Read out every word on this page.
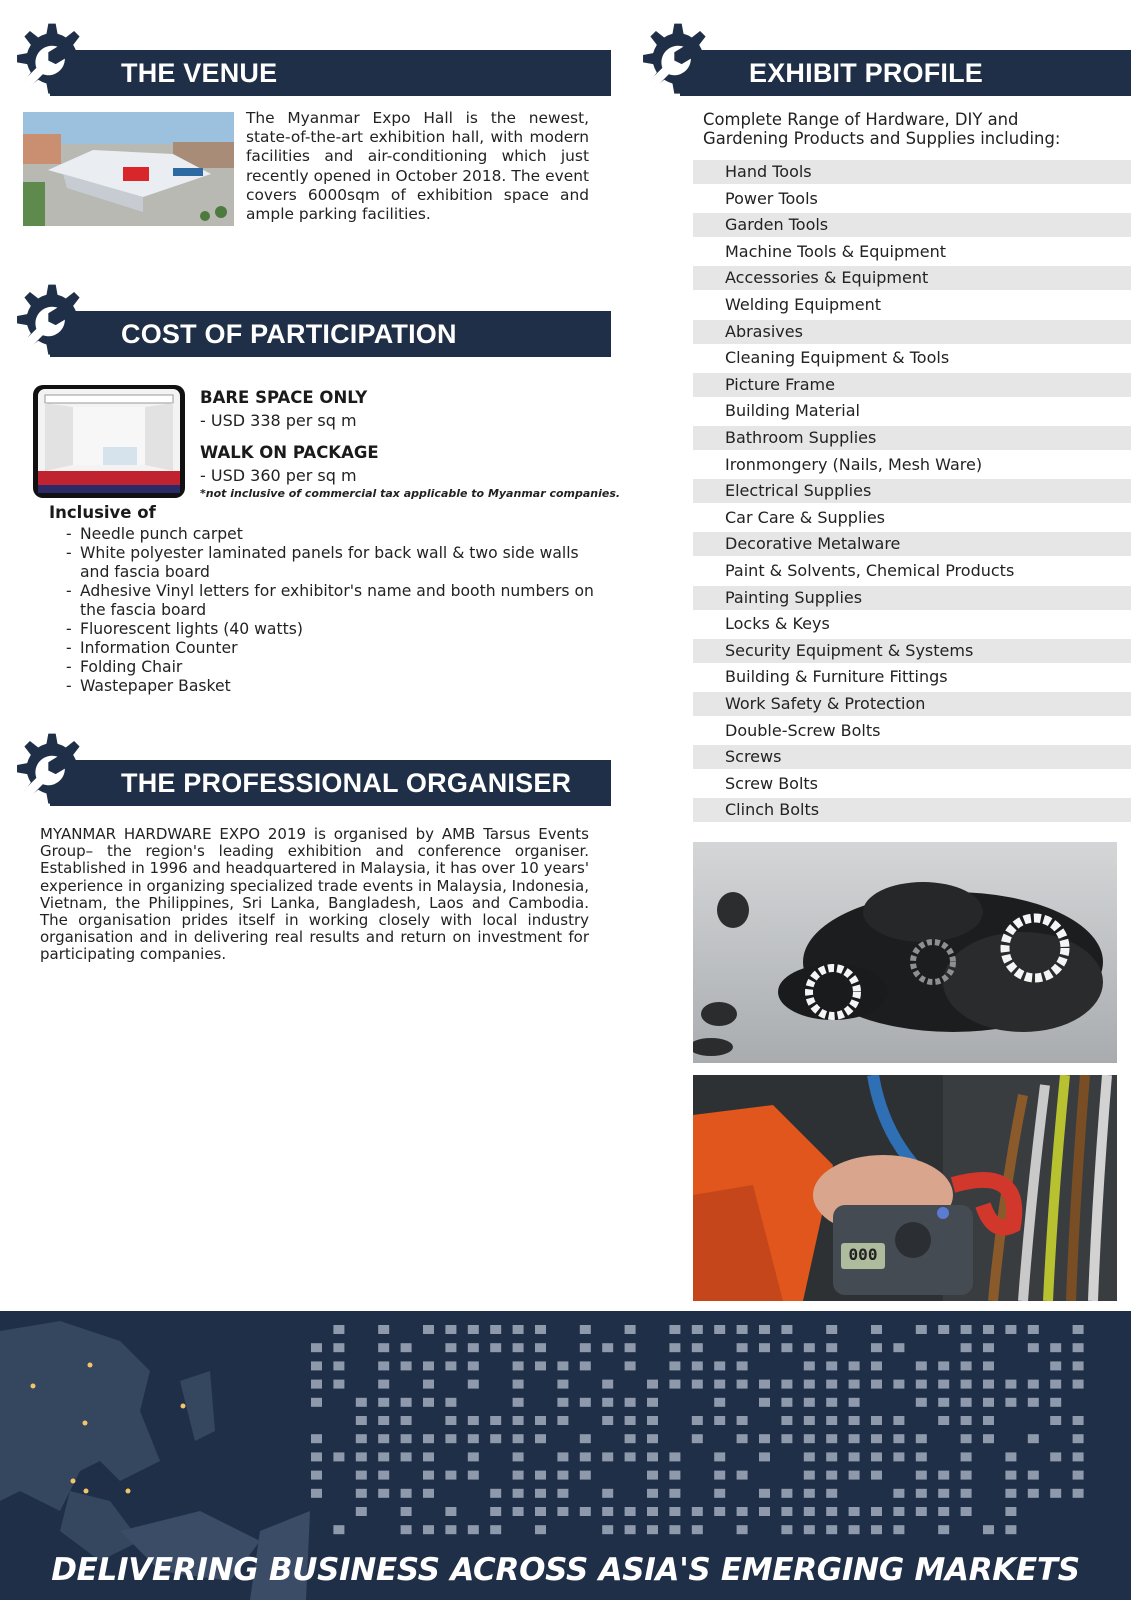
THE VENUE
The Myanmar Expo Hall is the newest, state-of-the-art exhibition hall, with modern facilities and air-conditioning which just recently opened in October 2018. The event covers 6000sqm of exhibition space and ample parking facilities.
COST OF PARTICIPATION
BARE SPACE ONLY
- USD 338 per sq m
WALK ON PACKAGE
- USD 360 per sq m
*not inclusive of commercial tax applicable to Myanmar companies.
Inclusive of
- Needle punch carpet
- White polyester laminated panels for back wall & two side walls and fascia board
- Adhesive Vinyl letters for exhibitor's name and booth numbers on the fascia board
- Fluorescent lights (40 watts)
- Information Counter
- Folding Chair
- Wastepaper Basket
THE PROFESSIONAL ORGANISER
MYANMAR HARDWARE EXPO 2019 is organised by AMB Tarsus Events Group– the region's leading exhibition and conference organiser. Established in 1996 and headquartered in Malaysia, it has over 10 years' experience in organizing specialized trade events in Malaysia, Indonesia, Vietnam, the Philippines, Sri Lanka, Bangladesh, Laos and Cambodia. The organisation prides itself in working closely with local industry organisation and in delivering real results and return on investment for participating companies.
EXHIBIT PROFILE
Complete Range of Hardware, DIY and Gardening Products and Supplies including:
Hand Tools
Power Tools
Garden Tools
Machine Tools & Equipment
Accessories & Equipment
Welding Equipment
Abrasives
Cleaning Equipment & Tools
Picture Frame
Building Material
Bathroom Supplies
Ironmongery (Nails, Mesh Ware)
Electrical Supplies
Car Care & Supplies
Decorative Metalware
Paint & Solvents, Chemical Products
Painting Supplies
Locks & Keys
Security Equipment & Systems
Building & Furniture Fittings
Work Safety & Protection
Double-Screw Bolts
Screws
Screw Bolts
Clinch Bolts
000
DELIVERING BUSINESS ACROSS ASIA'S EMERGING MARKETS
